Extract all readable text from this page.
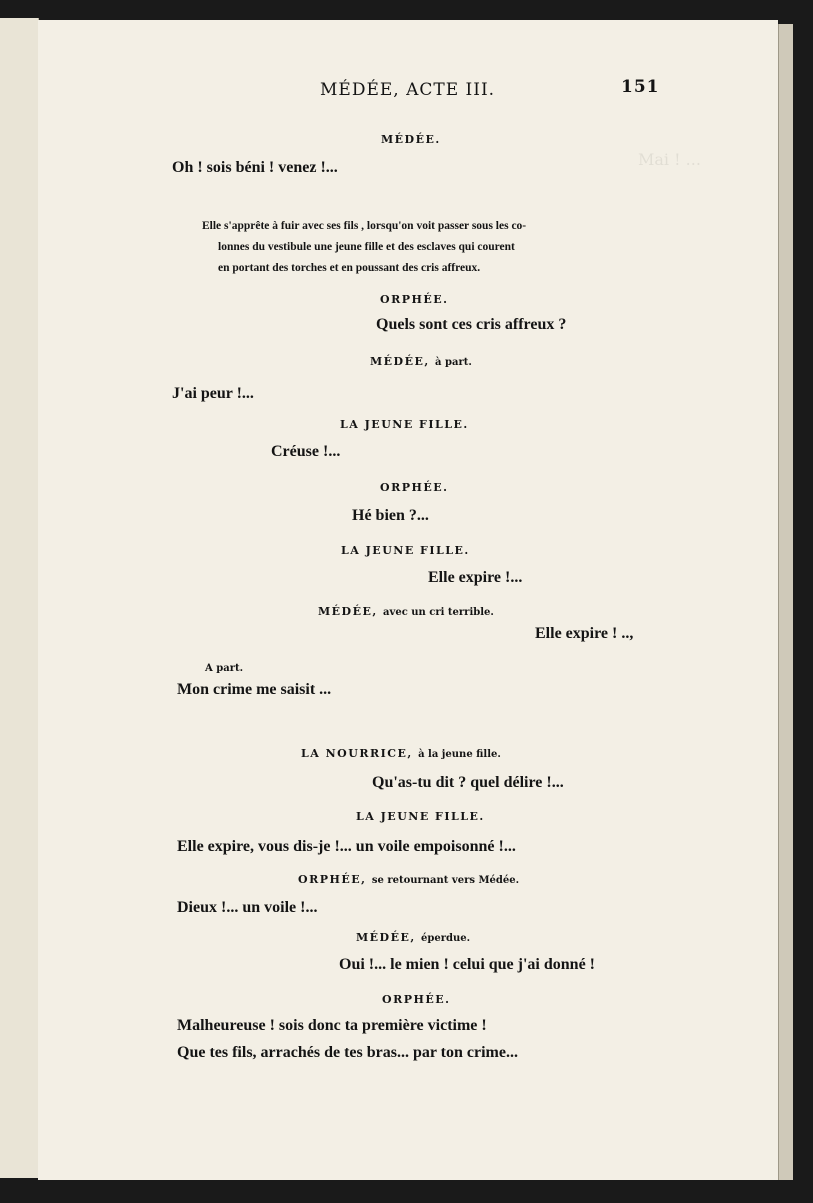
Mai ! ...
MÉDÉE, ACTE III.	151
MÉDÉE.
Oh ! sois béni ! venez !...
Elle s'apprête à fuir avec ses fils , lorsqu'on voit passer sous les co-
lonnes du vestibule une jeune fille et des esclaves qui courent
en portant des torches et en poussant des cris affreux.
ORPHÉE.
Quels sont ces cris affreux ?
MÉDÉE, à part.
J'ai peur !...
LA JEUNE FILLE.
Créuse !...
ORPHÉE.
Hé bien ?...
LA JEUNE FILLE.
Elle expire !...
MÉDÉE, avec un cri terrible.
Elle expire ! ..,
A part.
Mon crime me saisit ...
LA NOURRICE, à la jeune fille.
Qu'as-tu dit ? quel délire !...
LA JEUNE FILLE.
Elle expire, vous dis-je !... un voile empoisonné !...
ORPHÉE, se retournant vers Médée.
Dieux !... un voile !...
MÉDÉE, éperdue.
Oui !... le mien ! celui que j'ai donné !
ORPHÉE.
Malheureuse ! sois donc ta première victime !
Que tes fils, arrachés de tes bras... par ton crime...
